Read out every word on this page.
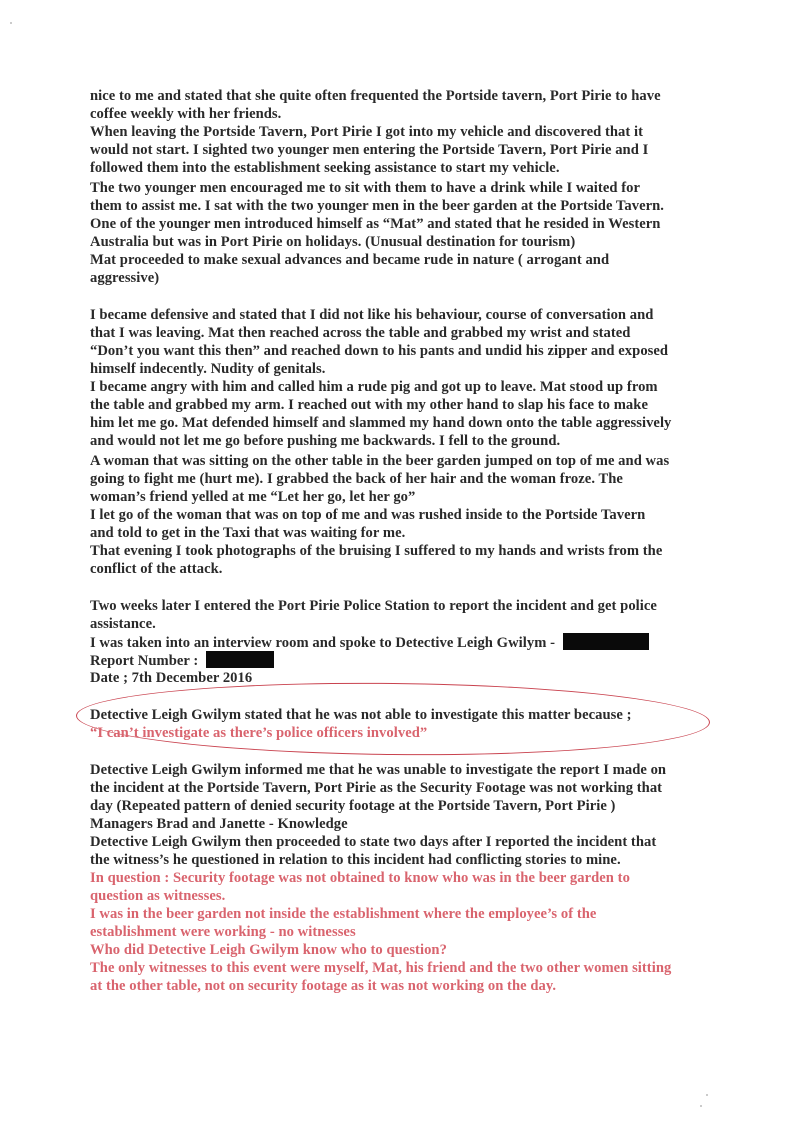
nice to me and stated that she quite often frequented the Portside tavern, Port Pirie to have
coffee weekly with her friends.
When leaving the Portside Tavern, Port Pirie I got into my vehicle and discovered that it
would not start. I sighted two younger men entering the Portside Tavern, Port Pirie and I
followed them into the establishment seeking assistance to start my vehicle.
The two younger men encouraged me to sit with them to have a drink while I waited for
them to assist me. I sat with the two younger men in the beer garden at the Portside Tavern.
One of the younger men introduced himself as “Mat” and stated that he resided in Western
Australia but was in Port Pirie on holidays. (Unusual destination for tourism)
Mat proceeded to make sexual advances and became rude in nature ( arrogant and
aggressive)
I became defensive and stated that I did not like his behaviour, course of conversation and
that I was leaving. Mat then reached across the table and grabbed my wrist and stated
“Don’t you want this then” and reached down to his pants and undid his zipper and exposed
himself indecently. Nudity of genitals.
I became angry with him and called him a rude pig and got up to leave. Mat stood up from
the table and grabbed my arm. I reached out with my other hand to slap his face to make
him let me go. Mat defended himself and slammed my hand down onto the table aggressively
and would not let me go before pushing me backwards. I fell to the ground.
A woman that was sitting on the other table in the beer garden jumped on top of me and was
going to fight me (hurt me). I grabbed the back of her hair and the woman froze. The
woman’s friend yelled at me “Let her go, let her go”
I let go of the woman that was on top of me and was rushed inside to the Portside Tavern
and told to get in the Taxi that was waiting for me.
That evening I took photographs of the bruising I suffered to my hands and wrists from the
conflict of the attack.
Two weeks later I entered the Port Pirie Police Station to report the incident and get police
assistance.
I was taken into an interview room and spoke to Detective Leigh Gwilym -
Report Number :
Date ; 7th December 2016
Detective Leigh Gwilym stated that he was not able to investigate this matter because ;
“I can’t investigate as there’s police officers involved”
Detective Leigh Gwilym informed me that he was unable to investigate the report I made on
the incident at the Portside Tavern, Port Pirie as the Security Footage was not working that
day (Repeated pattern of denied security footage at the Portside Tavern, Port Pirie )
Managers Brad and Janette - Knowledge
Detective Leigh Gwilym then proceeded to state two days after I reported the incident that
the witness’s he questioned in relation to this incident had conflicting stories to mine.
In question : Security footage was not obtained to know who was in the beer garden to
question as witnesses.
I was in the beer garden not inside the establishment where the employee’s of the
establishment were working - no witnesses
Who did Detective Leigh Gwilym know who to question?
The only witnesses to this event were myself, Mat, his friend and the two other women sitting
at the other table, not on security footage as it was not working on the day.
